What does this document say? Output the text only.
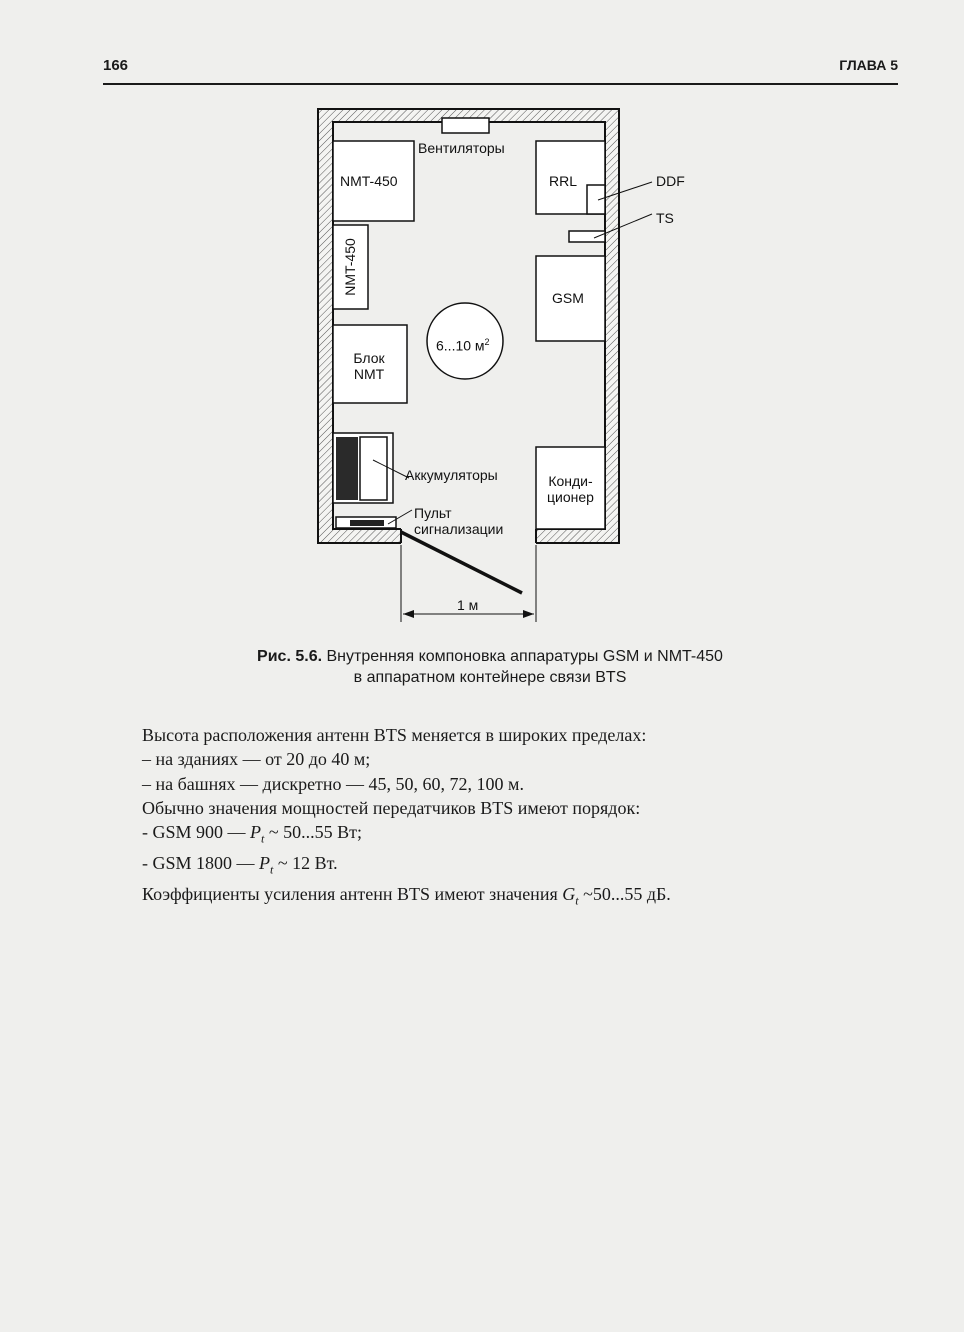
166	ГЛАВА 5
Вентиляторы
NMT-450	RRL	DDF
TS
NMT-450
GSM
6...10 $м^2$
Блок
NMT
Аккумуляторы	Конди-
ционер
Пульт
сигнализации
1 м
Рис. 5.6. Внутренняя компоновка аппаратуры GSM и NMT-450
в аппаратном контейнере связи BTS
Высота расположения антенн BTS меняется в широких пределах:
– на зданиях — от 20 до 40 м;
– на башнях — дискретно — 45, 50, 60, 72, 100 м.
Обычно значения мощностей передатчиков BTS имеют порядок:
- GSM 900 — $P_t$ ~ 50...55 Вт;
- GSM 1800 — $P_t$ ~ 12 Вт.
Коэффициенты усиления антенн BTS имеют значения $G_t$ ~50...55 дБ.
